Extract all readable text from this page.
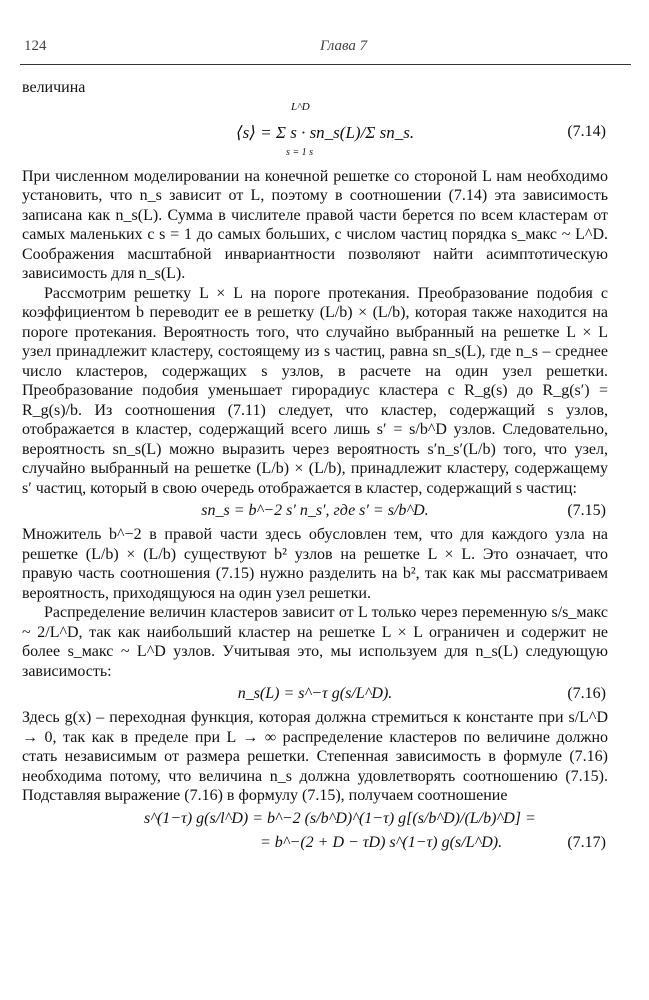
124	Глава 7

величина

L^D
⟨s⟩ = Σ s · sn_s(L)/Σ sn_s.
s = 1 s
(7.14)

При численном моделировании на конечной решетке со стороной L нам необходимо установить, что n_s зависит от L, поэтому в соотношении (7.14) эта зависимость записана как n_s(L). Сумма в числителе правой части берется по всем кластерам от самых маленьких с s = 1 до самых больших, с числом частиц порядка s_макс ~ L^D. Соображения масштабной инвариантности позволяют найти асимптотическую зависимость для n_s(L).

Рассмотрим решетку L × L на пороге протекания. Преобразование подобия с коэффициентом b переводит ее в решетку (L/b) × (L/b), которая также находится на пороге протекания. Вероятность того, что случайно выбранный на решетке L × L узел принадлежит кластеру, состоящему из s частиц, равна sn_s(L), где n_s – среднее число кластеров, содержащих s узлов, в расчете на один узел решетки. Преобразование подобия уменьшает гирорадиус кластера с R_g(s) до R_g(s′) = R_g(s)/b. Из соотношения (7.11) следует, что кластер, содержащий s узлов, отображается в кластер, содержащий всего лишь s′ = s/b^D узлов. Следовательно, вероятность sn_s(L) можно выразить через вероятность s′n_s′(L/b) того, что узел, случайно выбранный на решетке (L/b) × (L/b), принадлежит кластеру, содержащему s′ частиц, который в свою очередь отображается в кластер, содержащий s частиц:

sn_s = b^−2 s′ n_s′, где s′ = s/b^D.	(7.15)

Множитель b^−2 в правой части здесь обусловлен тем, что для каждого узла на решетке (L/b) × (L/b) существуют b² узлов на решетке L × L. Это означает, что правую часть соотношения (7.15) нужно разделить на b², так как мы рассматриваем вероятность, приходящуюся на один узел решетки.

Распределение величин кластеров зависит от L только через переменную s/s_макс ~ 2/L^D, так как наибольший кластер на решетке L × L ограничен и содержит не более s_макс ~ L^D узлов. Учитывая это, мы используем для n_s(L) следующую зависимость:

n_s(L) = s^−τ g(s/L^D).	(7.16)

Здесь g(x) – переходная функция, которая должна стремиться к константе при s/L^D → 0, так как в пределе при L → ∞ распределение кластеров по величине должно стать независимым от размера решетки. Степенная зависимость в формуле (7.16) необходима потому, что величина n_s должна удовлетворять соотношению (7.15). Подставляя выражение (7.16) в формулу (7.15), получаем соотношение

s^(1−τ) g(s/l^D) = b^−2 (s/b^D)^(1−τ) g[(s/b^D)/(L/b)^D] =
= b^−(2 + D − τD) s^(1−τ) g(s/L^D).	(7.17)
